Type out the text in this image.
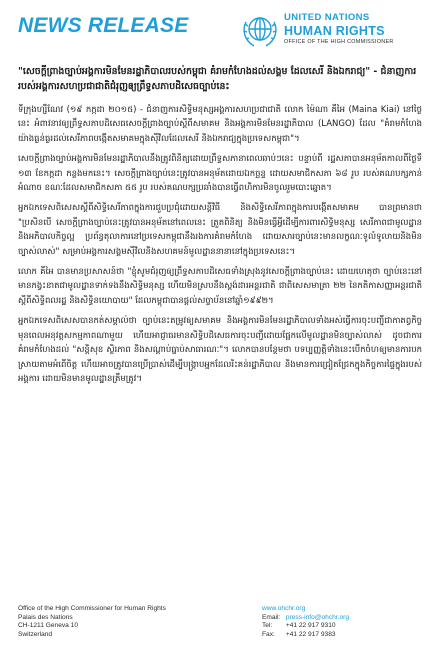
NEWS RELEASE	UNITED NATIONS
HUMAN RIGHTS
OFFICE OF THE HIGH COMMISSIONER
"សេចក្ដីព្រាងច្បាប់អង្គការមិនមែនរដ្ឋាភិបាលរបស់កម្ពុជា គំរាមកំហែងដល់សង្គម ដែលសេរី និងឯករាជ្យ" - ជំនាញការរបស់អង្គការសហប្រជាជាតិជំរុញឲ្យព្រឹទ្ធសភាបដិសេធច្បាប់នេះ

ទីក្រុងហ្សឺណែវ (១៩ កក្កដា ២០១៥) - ជំនាញការសិទ្ធិមនុស្សអង្គការសហប្រជាជាតិ លោក ម៉ៃណា គីអៃ (Maina Kiai) នៅថ្ងៃនេះ អំពាវនាវឲ្យព្រឹទ្ធសភាបដិសេធសេចក្ដីព្រាងច្បាប់ស្ដីពីសមាគម និងអង្គការមិនមែនរដ្ឋាភិបាល (LANGO) ដែល "គំរាមកំហែងយ៉ាងធ្ងន់ធ្ងរដល់សេរីភាពបង្កើតសមាគមក្នុងស៊ីវិលដែលសេរី និងឯករាជ្យក្នុងប្រទេសកម្ពុជា"។

សេចក្ដីព្រាងច្បាប់អង្គការមិនមែនរដ្ឋាភិបាលនឹងត្រូវពិនិត្យដោយព្រឹទ្ធសភានាពេលឆាប់ៗនេះ បន្ទាប់ពី រដ្ឋសភាបានអនុម័តកាលពីថ្ងៃទី ១៣ ខែកក្កដា កន្លងមកនេះ។ សេចក្ដីព្រាងច្បាប់នេះត្រូវបានអនុម័តដោយឯកច្ឆន្ទ ដោយសមាជិកសភា ៦៨ រូប របស់គណបក្សកាន់អំណាច ខណៈដែលសមាជិកសភា ៥៥ រូប របស់គណបក្សប្រឆាំងបានធ្វើពហិការមិនចូលរួមបោះឆ្នោត។

អ្នកឯកទេសពិសេសស្ដីពីសិទ្ធិសេរីភាពក្នុងការជួបប្រជុំដោយសន្តិវិធី និងសិទ្ធិសេរីភាពក្នុងការបង្កើតសមាគម បានព្រមានថា "ប្រសិនបើ សេចក្ដីព្រាងច្បាប់នេះត្រូវបានអនុម័តនៅពេលនេះ ត្រួតពិនិត្យ និងមិនធ្វើអ្វីដើម្បីការពារសិទ្ធិមនុស្ស សេរីភាពជាមូលដ្ឋាន និងអភិបាលកិច្ចល្អ ប្រព័ន្ធតុលាការនៅប្រទេសកម្ពុជានឹងរងការគំរាមកំហែង ដោយសារច្បាប់នេះមានលក្ខណៈទូលំទូលាយនិងមិនច្បាស់លាស់" សម្រាប់អង្គការសង្គមស៊ីវិលនិងសហគមន៍មូលដ្ឋាននានានៅក្នុងប្រទេសនេះ។

លោក គីអៃ បានមានប្រសាសន៍ថា "ខ្ញុំសូមជំរុញឲ្យព្រឹទ្ធសភាបដិសេធទាំងស្រុងនូវសេចក្ដីព្រាងច្បាប់នេះ ដោយហេតុថា ច្បាប់នេះនៅមានកង្វះខាតជាមូលដ្ឋានទាក់ទងនឹងសិទ្ធិមនុស្ស ហើយមិនស្របនឹងស្តង់ដារអន្តរជាតិ ជាពិសេសមាត្រា ២២ នៃកតិកាសញ្ញាអន្តរជាតិស្ដីពីសិទ្ធិពលរដ្ឋ និងសិទ្ធិនយោបាយ" ដែលកម្ពុជាបានផ្ដល់សច្ចាប័ននៅឆ្នាំ១៩៩២។

អ្នកឯកទេសពិសេសបានកត់សម្គាល់ថា ច្បាប់នេះតម្រូវឲ្យសមាគម និងអង្គការមិនមែនរដ្ឋាភិបាលទាំងអស់ធ្វើការចុះបញ្ជីជាកាតព្វកិច្ច មុនពេលអនុវត្តសកម្មភាពណាមួយ ហើយអាជ្ញាធរមានសិទ្ធិបដិសេធការចុះបញ្ជីដោយផ្អែកលើមូលដ្ឋានមិនច្បាស់លាស់ ដូចជាការគំរាមកំហែងដល់ "សន្តិសុខ ស្ថិរភាព និងសណ្ដាប់ធ្នាប់សាធារណៈ"។ លោកបានបន្ថែមថា បទប្បញ្ញត្តិទាំងនេះបើកចំហឲ្យមានការបកស្រាយតាមអំពើចិត្ត ហើយអាចត្រូវបានប្រើប្រាស់ដើម្បីបង្ក្រាបអ្នកដែលរិះគន់រដ្ឋាភិបាល និងមានការជ្រៀតជ្រែកក្នុងកិច្ចការផ្ទៃក្នុងរបស់អង្គការ ដោយមិនមានមូលដ្ឋានត្រឹមត្រូវ។

Office of the High Commissioner for Human Rights
Palais des Nations
CH-1211 Geneva 10
Switzerland
www.ohchr.org
Email: press-info@ohchr.org
Tel: +41 22 917 9310
Fax: +41 22 917 9383
